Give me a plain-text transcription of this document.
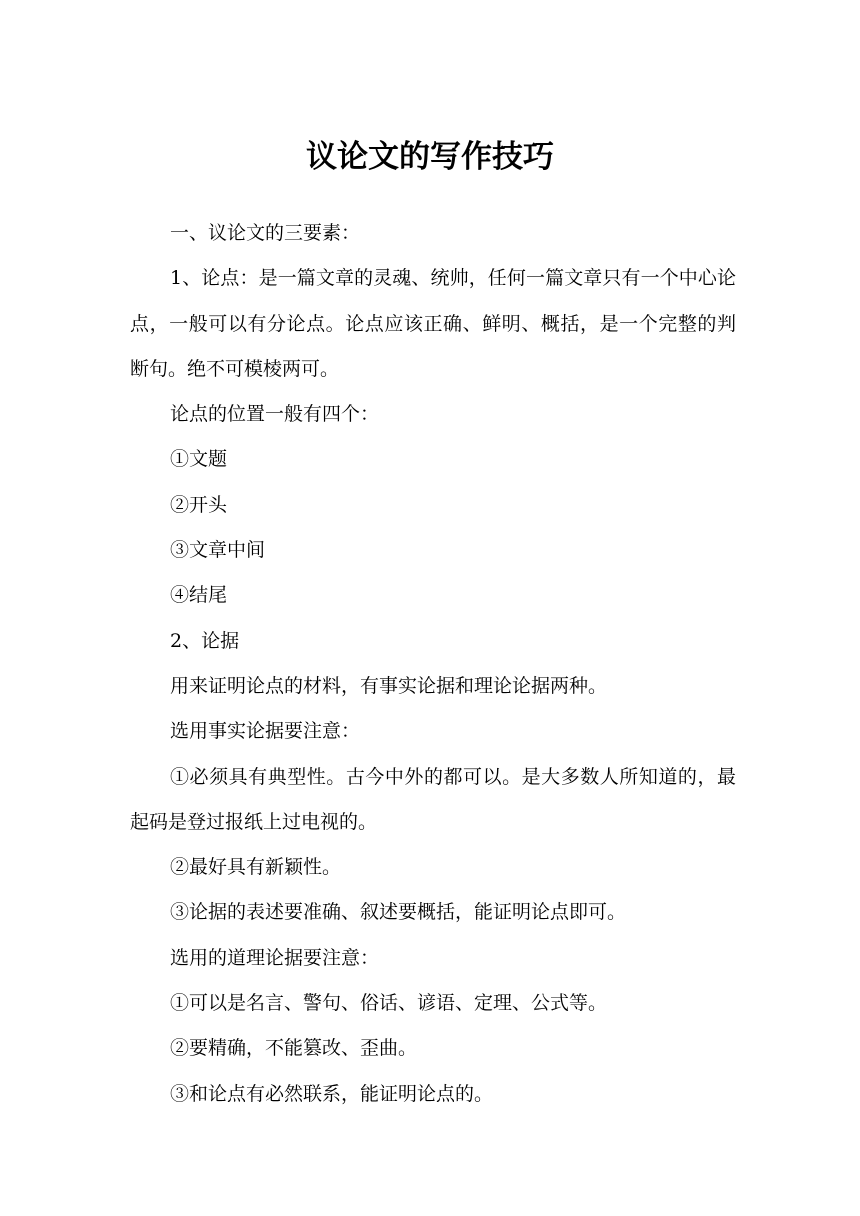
议论文的写作技巧

一、议论文的三要素：

1、论点：是一篇文章的灵魂、统帅，任何一篇文章只有一个中心论点，一般可以有分论点。论点应该正确、鲜明、概括，是一个完整的判断句。绝不可模棱两可。

论点的位置一般有四个：

①文题

②开头

③文章中间

④结尾

2、论据

用来证明论点的材料，有事实论据和理论论据两种。

选用事实论据要注意：

①必须具有典型性。古今中外的都可以。是大多数人所知道的，最起码是登过报纸上过电视的。

②最好具有新颖性。

③论据的表述要准确、叙述要概括，能证明论点即可。

选用的道理论据要注意：

①可以是名言、警句、俗话、谚语、定理、公式等。

②要精确，不能篡改、歪曲。

③和论点有必然联系，能证明论点的。
